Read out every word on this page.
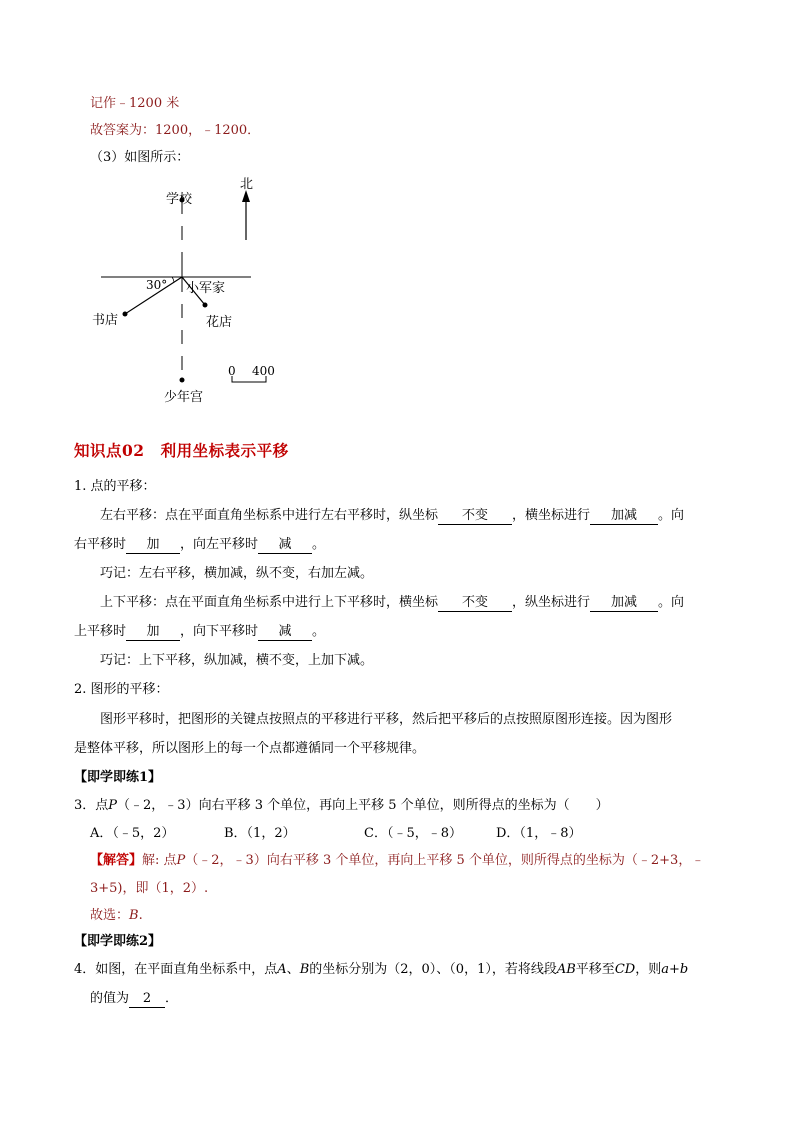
记作﹣1200 米
故答案为：1200，﹣1200．
（3）如图所示：
学校
北
小军家
30°
书店	花店
少年宫
0 400
知识点02　利用坐标表示平移
1. 点的平移：
左右平移：点在平面直角坐标系中进行左右平移时，纵坐标 不变 ，横坐标进行 加减 。向
右平移时 加 ，向左平移时 减 。
巧记：左右平移，横加减，纵不变，右加左减。
上下平移：点在平面直角坐标系中进行上下平移时，横坐标 不变 ，纵坐标进行 加减 。向
上平移时 加 ，向下平移时 减 。
巧记：上下平移，纵加减，横不变，上加下减。
2. 图形的平移：
图形平移时，把图形的关键点按照点的平移进行平移，然后把平移后的点按照原图形连接。因为图形
是整体平移，所以图形上的每一个点都遵循同一个平移规律。
【即学即练1】
3．点P（﹣2，﹣3）向右平移 3 个单位，再向上平移 5 个单位，则所得点的坐标为（　　）
A．（﹣5，2）	B．（1，2）	C．（﹣5，﹣8）	D．（1，﹣8）
【解答】解: 点P（﹣2，﹣3）向右平移 3 个单位，再向上平移 5 个单位，则所得点的坐标为（﹣2+3，﹣
3+5)，即（1，2）.
故选：B.
【即学即练2】
4．如图，在平面直角坐标系中，点A、B的坐标分别为（2，0）、（0，1），若将线段AB平移至CD，则a+b
的值为 2 ．
